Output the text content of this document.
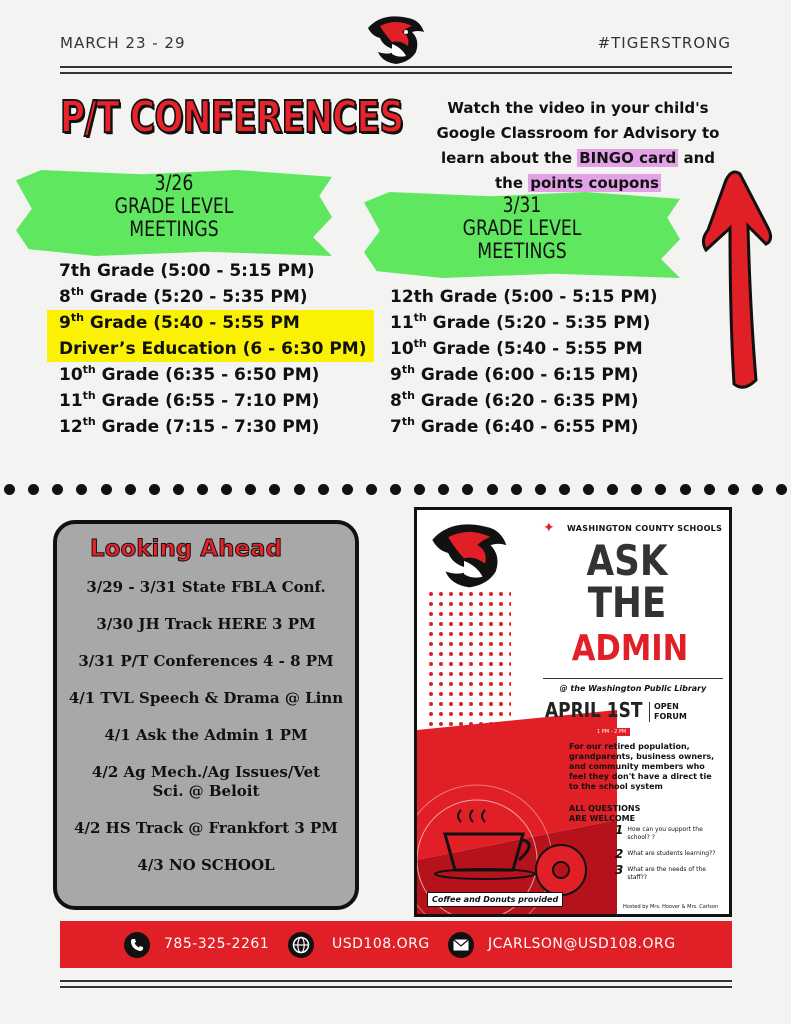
MARCH 23 - 29	#TIGERSTRONG
P/T CONFERENCES	Watch the video in your child's Google Classroom for Advisory to learn about the BINGO card and the points coupons
3/26
GRADE LEVEL
MEETINGS
3/31
GRADE LEVEL
MEETINGS
7th Grade (5:00 - 5:15 PM)
8th Grade (5:20 - 5:35 PM)
9th Grade (5:40 - 5:55 PM
Driver’s Education (6 - 6:30 PM)
10th Grade (6:35 - 6:50 PM)
11th Grade (6:55 - 7:10 PM)
12th Grade (7:15 - 7:30 PM)
12th Grade (5:00 - 5:15 PM)
11th Grade (5:20 - 5:35 PM)
10th Grade (5:40 - 5:55 PM
9th Grade (6:00 - 6:15 PM)
8th Grade (6:20 - 6:35 PM)
7th Grade (6:40 - 6:55 PM)
Looking Ahead
3/29 - 3/31 State FBLA Conf.
3/30 JH Track HERE 3 PM
3/31 P/T Conferences 4 - 8 PM
4/1 TVL Speech & Drama @ Linn
4/1 Ask the Admin 1 PM
4/2 Ag Mech./Ag Issues/Vet Sci. @ Beloit
4/2 HS Track @ Frankfort 3 PM
4/3 NO SCHOOL
✦ WASHINGTON COUNTY SCHOOLS
ASK
THE
ADMIN
@ the Washington Public Library
APRIL 1ST OPEN
FORUM
1 PM - 2 PM
✦ For our retired population, grandparents, business owners, and community members who feel they don't have a direct tie to the school system
✦ ALL QUESTIONS
ARE WELCOME
1 How can you support the school? ?
2 What are students learning??
3 What are the needs of the staff??
Coffee and Donuts provided
Hosted by Mrs. Hoover & Mrs. Carlson
785-325-2261	USD108.ORG	JCARLSON@USD108.ORG
